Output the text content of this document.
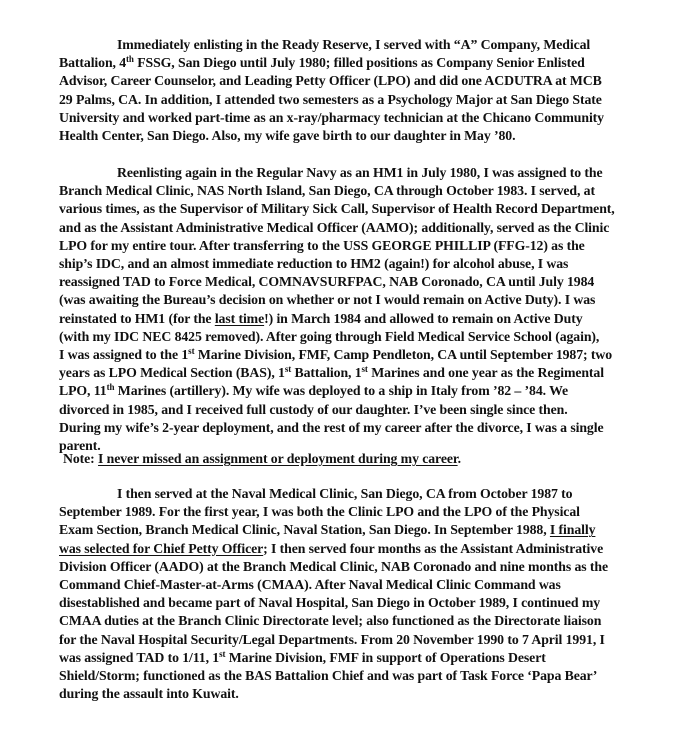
Immediately enlisting in the Ready Reserve, I served with “A” Company, Medical
Battalion, 4th FSSG, San Diego until July 1980; filled positions as Company Senior Enlisted
Advisor, Career Counselor, and Leading Petty Officer (LPO) and did one ACDUTRA at MCB
29 Palms, CA. In addition, I attended two semesters as a Psychology Major at San Diego State
University and worked part-time as an x-ray/pharmacy technician at the Chicano Community
Health Center, San Diego. Also, my wife gave birth to our daughter in May ’80.

Reenlisting again in the Regular Navy as an HM1 in July 1980, I was assigned to the
Branch Medical Clinic, NAS North Island, San Diego, CA through October 1983. I served, at
various times, as the Supervisor of Military Sick Call, Supervisor of Health Record Department,
and as the Assistant Administrative Medical Officer (AAMO); additionally, served as the Clinic
LPO for my entire tour. After transferring to the USS GEORGE PHILLIP (FFG-12) as the
ship’s IDC, and an almost immediate reduction to HM2 (again!) for alcohol abuse, I was
reassigned TAD to Force Medical, COMNAVSURFPAC, NAB Coronado, CA until July 1984
(was awaiting the Bureau’s decision on whether or not I would remain on Active Duty). I was
reinstated to HM1 (for the last time!) in March 1984 and allowed to remain on Active Duty
(with my IDC NEC 8425 removed). After going through Field Medical Service School (again),
I was assigned to the 1st Marine Division, FMF, Camp Pendleton, CA until September 1987; two
years as LPO Medical Section (BAS), 1st Battalion, 1st Marines and one year as the Regimental
LPO, 11th Marines (artillery). My wife was deployed to a ship in Italy from ’82 – ’84. We
divorced in 1985, and I received full custody of our daughter. I’ve been single since then.
During my wife’s 2-year deployment, and the rest of my career after the divorce, I was a single
parent.

Note: I never missed an assignment or deployment during my career.

I then served at the Naval Medical Clinic, San Diego, CA from October 1987 to
September 1989. For the first year, I was both the Clinic LPO and the LPO of the Physical
Exam Section, Branch Medical Clinic, Naval Station, San Diego. In September 1988, I finally
was selected for Chief Petty Officer; I then served four months as the Assistant Administrative
Division Officer (AADO) at the Branch Medical Clinic, NAB Coronado and nine months as the
Command Chief-Master-at-Arms (CMAA). After Naval Medical Clinic Command was
disestablished and became part of Naval Hospital, San Diego in October 1989, I continued my
CMAA duties at the Branch Clinic Directorate level; also functioned as the Directorate liaison
for the Naval Hospital Security/Legal Departments. From 20 November 1990 to 7 April 1991, I
was assigned TAD to 1/11, 1st Marine Division, FMF in support of Operations Desert
Shield/Storm; functioned as the BAS Battalion Chief and was part of Task Force ‘Papa Bear’
during the assault into Kuwait.
